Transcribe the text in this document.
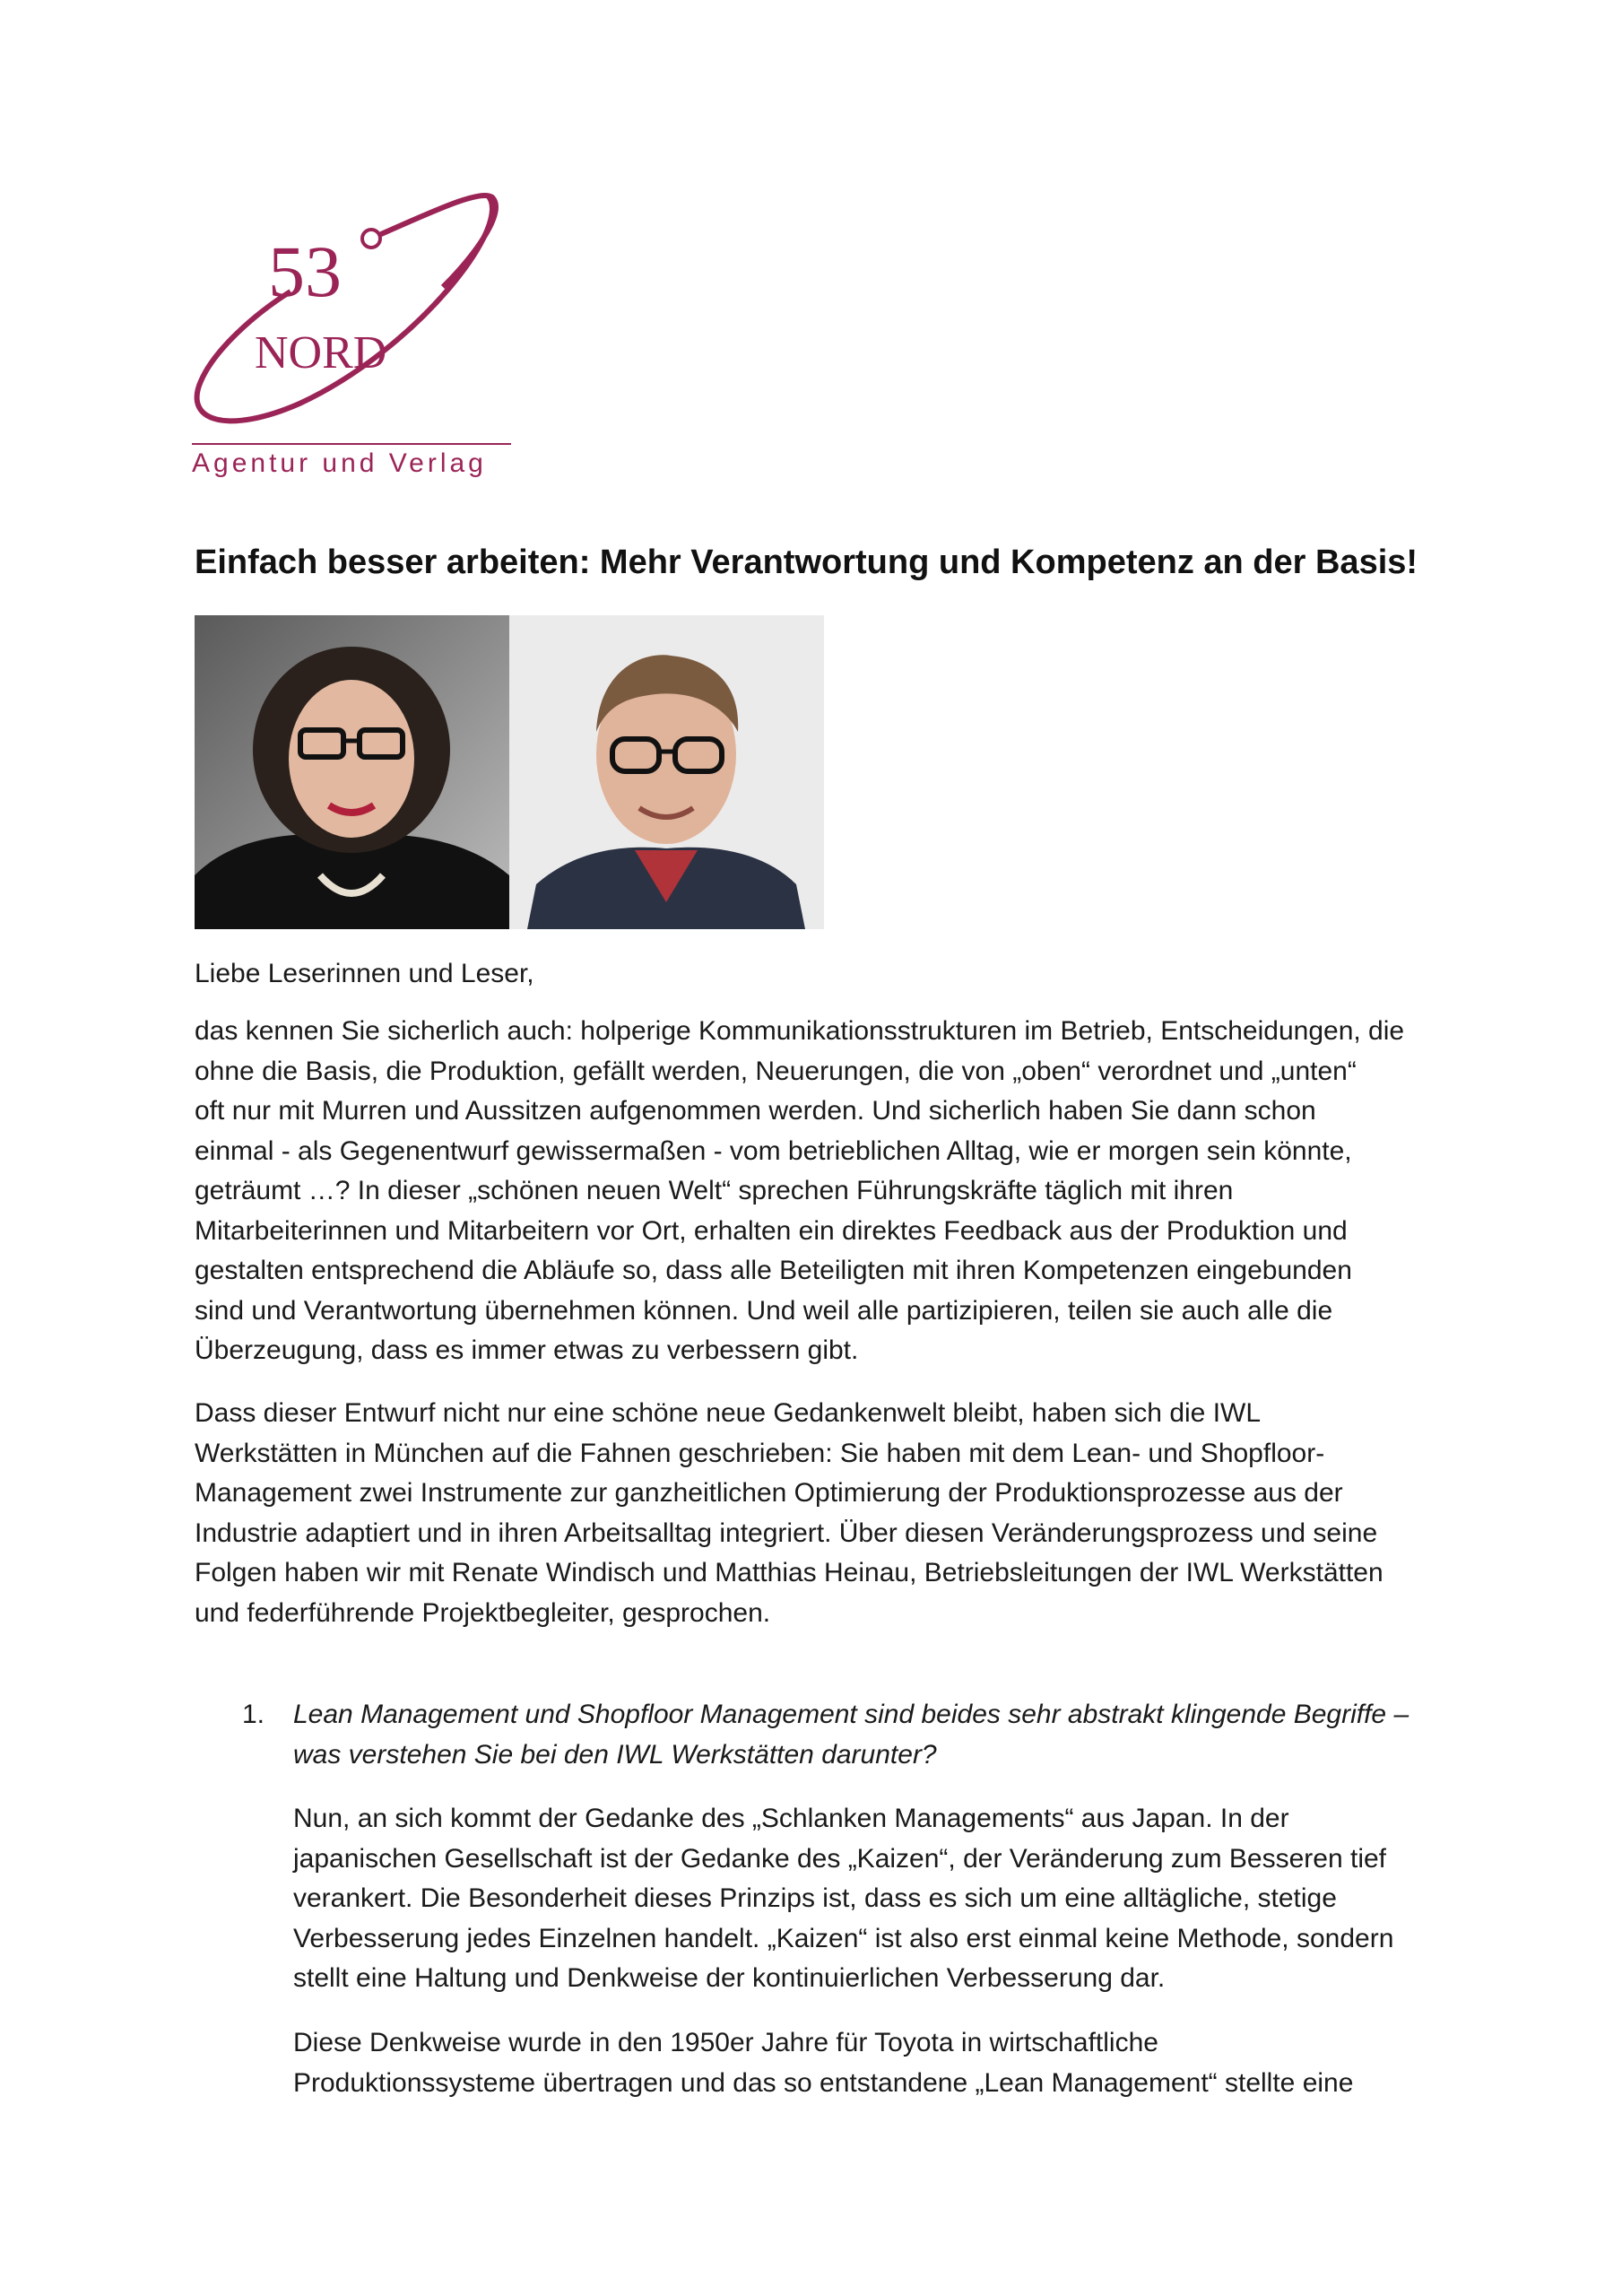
53
NORD
Agentur und Verlag
Einfach besser arbeiten: Mehr Verantwortung und Kompetenz an der Basis!
Liebe Leserinnen und Leser,

das kennen Sie sicherlich auch: holperige Kommunikationsstrukturen im Betrieb, Entscheidungen, die

ohne die Basis, die Produktion, gefällt werden, Neuerungen, die von „oben“ verordnet und „unten“

oft nur mit Murren und Aussitzen aufgenommen werden. Und sicherlich haben Sie dann schon

einmal - als Gegenentwurf gewissermaßen - vom betrieblichen Alltag, wie er morgen sein könnte,

geträumt …? In dieser „schönen neuen Welt“ sprechen Führungskräfte täglich mit ihren

Mitarbeiterinnen und Mitarbeitern vor Ort, erhalten ein direktes Feedback aus der Produktion und

gestalten entsprechend die Abläufe so, dass alle Beteiligten mit ihren Kompetenzen eingebunden

sind und Verantwortung übernehmen können. Und weil alle partizipieren, teilen sie auch alle die

Überzeugung, dass es immer etwas zu verbessern gibt.

Dass dieser Entwurf nicht nur eine schöne neue Gedankenwelt bleibt, haben sich die IWL

Werkstätten in München auf die Fahnen geschrieben: Sie haben mit dem Lean- und Shopfloor-

Management zwei Instrumente zur ganzheitlichen Optimierung der Produktionsprozesse aus der

Industrie adaptiert und in ihren Arbeitsalltag integriert. Über diesen Veränderungsprozess und seine

Folgen haben wir mit Renate Windisch und Matthias Heinau, Betriebsleitungen der IWL Werkstätten

und federführende Projektbegleiter, gesprochen.

1. Lean Management und Shopfloor Management sind beides sehr abstrakt klingende Begriffe –

was verstehen Sie bei den IWL Werkstätten darunter?

Nun, an sich kommt der Gedanke des „Schlanken Managements“ aus Japan. In der

japanischen Gesellschaft ist der Gedanke des „Kaizen“, der Veränderung zum Besseren tief

verankert. Die Besonderheit dieses Prinzips ist, dass es sich um eine alltägliche, stetige

Verbesserung jedes Einzelnen handelt. „Kaizen“ ist also erst einmal keine Methode, sondern

stellt eine Haltung und Denkweise der kontinuierlichen Verbesserung dar.

Diese Denkweise wurde in den 1950er Jahre für Toyota in wirtschaftliche

Produktionssysteme übertragen und das so entstandene „Lean Management“ stellte eine
